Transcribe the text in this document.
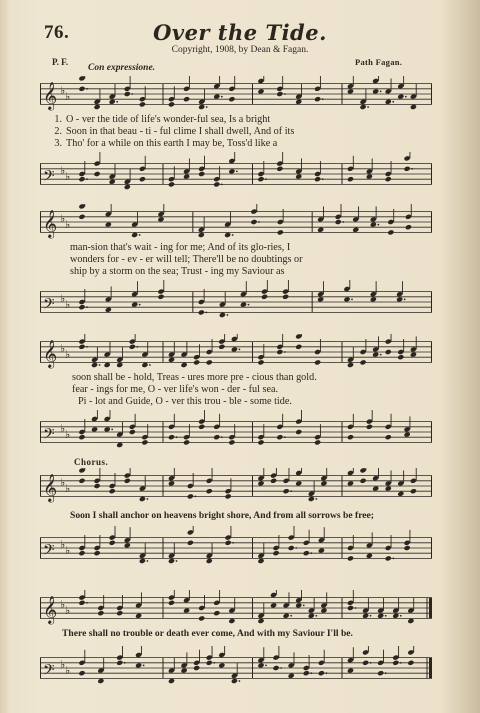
76.	Over the Tide.
Copyright, 1908, by Dean & Fagan.
P. F.	Path Fagan.
Con expressione.
𝄞 ♭ ♭
1. O - ver the tide of life's wonder-ful sea, Is a bright
2. Soon in that beau - ti - ful clime I shall dwell, And of its
3. Tho' for a while on this earth I may be, Toss'd like a
𝄢 ♭ ♭
𝄞 ♭ ♭
man-sion that's wait - ing for me; And of its glo-ries, I
wonders for - ev - er will tell; There'll be no doubtings or
ship by a storm on the sea; Trust - ing my Saviour as
𝄢 ♭ ♭
𝄞 ♭ ♭
soon shall be - hold, Treas - ures more pre - cious than gold.
fear - ings for me, O - ver life's won - der - ful sea.
Pi - lot and Guide, O - ver this trou - ble - some tide.
𝄢 ♭ ♭
Chorus.
𝄞 ♭ ♭
Soon I shall anchor on heavens bright shore, And from all sorrows be free;
𝄢 ♭ ♭
𝄞 ♭ ♭
There shall no trouble or death ever come, And with my Saviour I'll be.
𝄢 ♭ ♭
